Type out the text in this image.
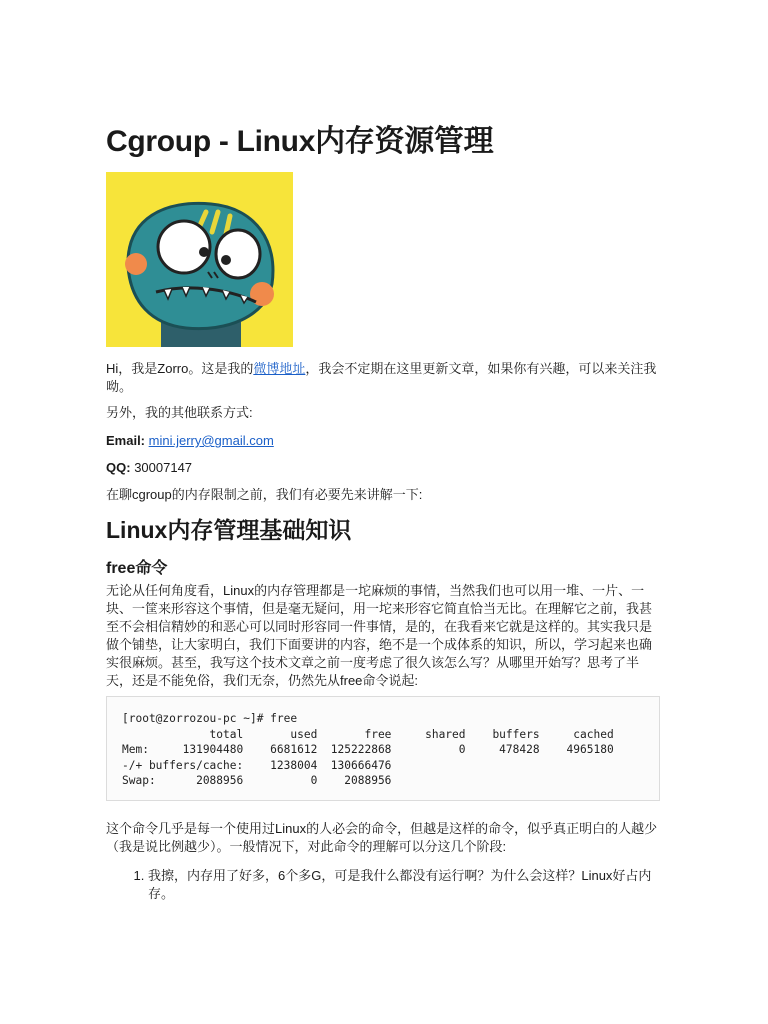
Cgroup - Linux内存资源管理

Hi，我是Zorro。这是我的微博地址，我会不定期在这里更新文章，如果你有兴趣，可以来关注我呦。

另外，我的其他联系方式:

Email: mini.jerry@gmail.com

QQ: 30007147

在聊cgroup的内存限制之前，我们有必要先来讲解一下:

Linux内存管理基础知识
free命令

无论从任何角度看，Linux的内存管理都是一坨麻烦的事情，当然我们也可以用一堆、一片、一块、一筐来形容这个事情，但是毫无疑问，用一坨来形容它简直恰当无比。在理解它之前，我甚至不会相信精妙的和恶心可以同时形容同一件事情，是的，在我看来它就是这样的。其实我只是做个铺垫，让大家明白，我们下面要讲的内容，绝不是一个成体系的知识，所以，学习起来也确实很麻烦。甚至，我写这个技术文章之前一度考虑了很久该怎么写？从哪里开始写？思考了半天，还是不能免俗，我们无奈，仍然先从free命令说起:

[root@zorrozou-pc ~]# free
total       used       free     shared    buffers     cached
Mem:     131904480    6681612  125222868          0     478428    4965180
-/+ buffers/cache:    1238004  130666476
Swap:      2088956          0    2088956

这个命令几乎是每一个使用过Linux的人必会的命令，但越是这样的命令，似乎真正明白的人越少（我是说比例越少）。一般情况下，对此命令的理解可以分这几个阶段:

1. 我擦，内存用了好多，6个多G，可是我什么都没有运行啊？为什么会这样？Linux好占内存。
